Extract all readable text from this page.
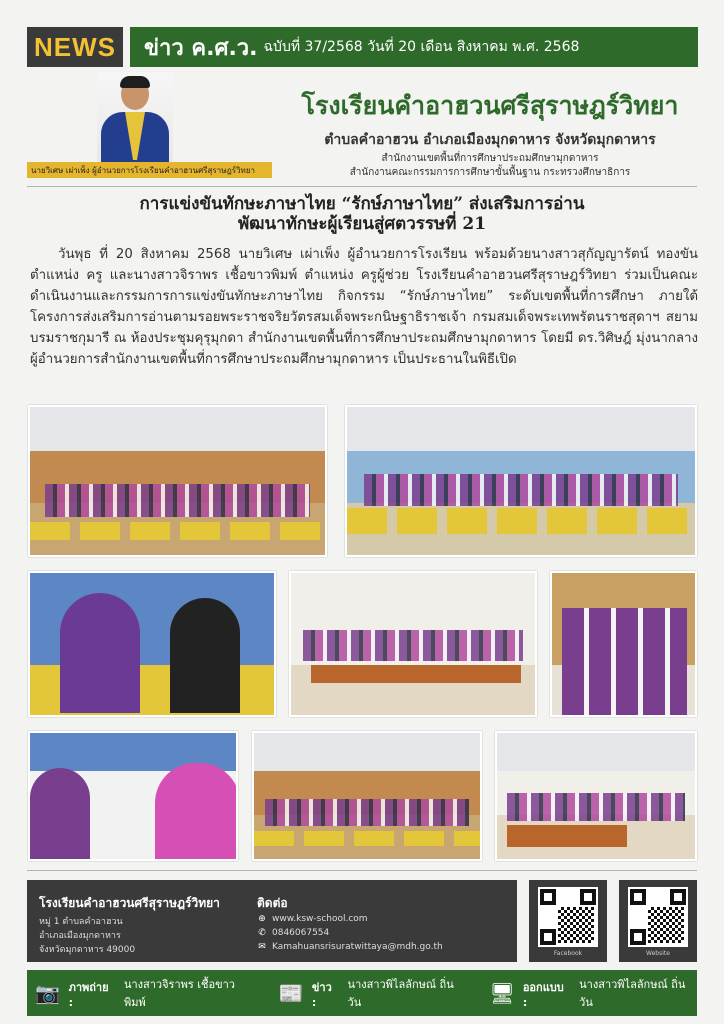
NEWS	ข่าว ค.ศ.ว. ฉบับที่ 37/2568 วันที่ 20 เดือน สิงหาคม พ.ศ. 2568
นายวิเศษ เผ่าเพ็ง ผู้อำนวยการโรงเรียนคำอาฮวนศรีสุราษฎร์วิทยา
โรงเรียนคำอาฮวนศรีสุราษฎร์วิทยา
ตำบลคำอาฮวน อำเภอเมืองมุกดาหาร จังหวัดมุกดาหาร
สำนักงานเขตพื้นที่การศึกษาประถมศึกษามุกดาหาร
สำนักงานคณะกรรมการการศึกษาขั้นพื้นฐาน กระทรวงศึกษาธิการ
การแข่งขันทักษะภาษาไทย “รักษ์ภาษาไทย” ส่งเสริมการอ่าน
พัฒนาทักษะผู้เรียนสู่ศตวรรษที่ 21
วันพุธ ที่ 20 สิงหาคม 2568 นายวิเศษ เผ่าเพ็ง ผู้อำนวยการโรงเรียน พร้อมด้วยนางสาวสุกัญญารัตน์ ทองขัน ตำแหน่ง ครู และนางสาวจิราพร เชื้อขาวพิมพ์ ตำแหน่ง ครูผู้ช่วย โรงเรียนคำอาฮวนศรีสุราษฎร์วิทยา ร่วมเป็นคณะดำเนินงานและกรรมการการแข่งขันทักษะภาษาไทย กิจกรรม “รักษ์ภาษาไทย” ระดับเขตพื้นที่การศึกษา ภายใต้โครงการส่งเสริมการอ่านตามรอยพระราชจริยวัตรสมเด็จพระกนิษฐาธิราชเจ้า กรมสมเด็จพระเทพรัตนราชสุดาฯ สยามบรมราชกุมารี ณ ห้องประชุมคุรุมุกดา สำนักงานเขตพื้นที่การศึกษาประถมศึกษามุกดาหาร โดยมี ดร.วิศิษฎ์ มุ่งนากลาง ผู้อำนวยการสำนักงานเขตพื้นที่การศึกษาประถมศึกษามุกดาหาร เป็นประธานในพิธีเปิด
โรงเรียนคำอาฮวนศรีสุราษฎร์วิทยา
หมู่ 1 ตำบลคำอาฮวน
อำเภอเมืองมุกดาหาร
จังหวัดมุกดาหาร 49000
ติดต่อ
⊕ www.ksw-school.com
✆ 0846067554
✉ Kamahuansrisuratwittaya@mdh.go.th
Facebook	Website
📷 ภาพถ่าย :
นางสาวจิราพร เชื้อขาวพิมพ์	📰 ข่าว :
นางสาวพิไลลักษณ์ ถิ่นวัน	🖥 ออกแบบ :
นางสาวพิไลลักษณ์ ถิ่นวัน
